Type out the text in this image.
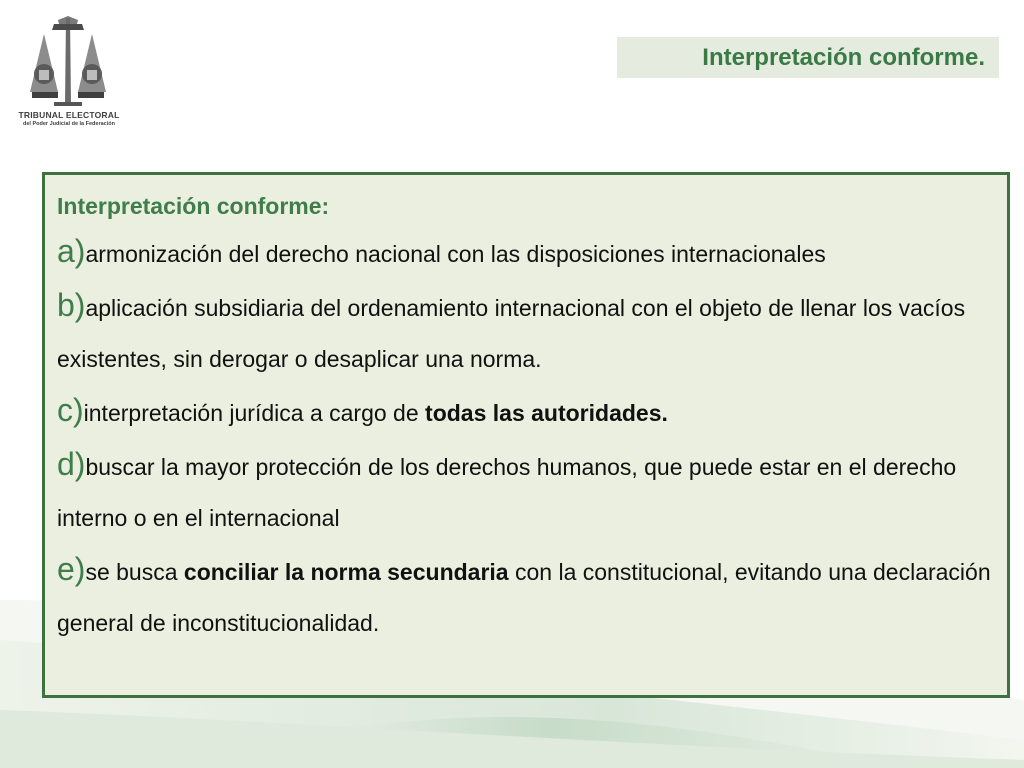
TRIBUNAL ELECTORAL
del Poder Judicial de la Federación
Interpretación conforme.
Interpretación conforme:

a)armonización del derecho nacional con las disposiciones internacionales

b)aplicación subsidiaria del ordenamiento internacional con el objeto de llenar los vacíos existentes, sin derogar o desaplicar una norma.

c)interpretación jurídica a cargo de todas las autoridades.

d)buscar la mayor protección de los derechos humanos, que puede estar en el derecho interno o en el internacional

e)se busca conciliar la norma secundaria con la constitucional, evitando una declaración general de inconstitucionalidad.
